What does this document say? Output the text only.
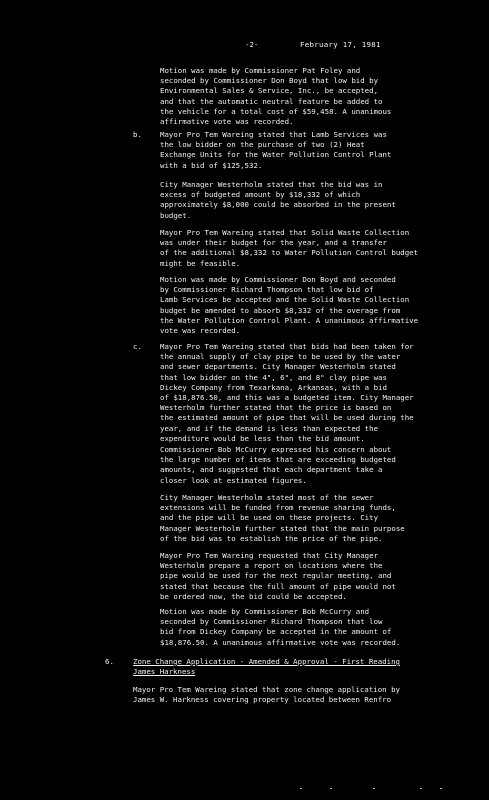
-2-	February 17, 1981

Motion was made by Commissioner Pat Foley and
seconded by Commissioner Don Boyd that low bid by
Environmental Sales & Service, Inc., be accepted,
and that the automatic neutral feature be added to
the vehicle for a total cost of $59,458. A unanimous
affirmative vote was recorded.

b. Mayor Pro Tem Wareing stated that Lamb Services was
the low bidder on the purchase of two (2) Heat
Exchange Units for the Water Pollution Control Plant
with a bid of $125,532.

City Manager Westerholm stated that the bid was in
excess of budgeted amount by $18,332 of which
approximately $8,000 could be absorbed in the present
budget.

Mayor Pro Tem Wareing stated that Solid Waste Collection
was under their budget for the year, and a transfer
of the additional $8,332 to Water Pollution Control budget
might be feasible.

Motion was made by Commissioner Don Boyd and seconded
by Commissioner Richard Thompson that low bid of
Lamb Services be accepted and the Solid Waste Collection
budget be amended to absorb $8,332 of the overage from
the Water Pollution Control Plant. A unanimous affirmative
vote was recorded.

c. Mayor Pro Tem Wareing stated that bids had been taken for
the annual supply of clay pipe to be used by the water
and sewer departments. City Manager Westerholm stated
that low bidder on the 4", 6", and 8" clay pipe was
Dickey Company from Texarkana, Arkansas, with a bid
of $18,876.50, and this was a budgeted item. City Manager
Westerholm further stated that the price is based on
the estimated amount of pipe that will be used during the
year, and if the demand is less than expected the
expenditure would be less than the bid amount.

Commissioner Bob McCurry expressed his concern about
the large number of items that are exceeding budgeted
amounts, and suggested that each department take a
closer look at estimated figures.

City Manager Westerholm stated most of the sewer
extensions will be funded from revenue sharing funds,
and the pipe will be used on these projects. City
Manager Westerholm further stated that the main purpose
of the bid was to establish the price of the pipe.

Mayor Pro Tem Wareing requested that City Manager
Westerholm prepare a report on locations where the
pipe would be used for the next regular meeting, and
stated that because the full amount of pipe would not
be ordered now, the bid could be accepted.

Motion was made by Commissioner Bob McCurry and
seconded by Commissioner Richard Thompson that low
bid from Dickey Company be accepted in the amount of
$18,876.50. A unanimous affirmative vote was recorded.

6.	Zone Change Application - Amended & Approval - First Reading
James Harkness

Mayor Pro Tem Wareing stated that zone change application by
James W. Harkness covering property located between Renfro
